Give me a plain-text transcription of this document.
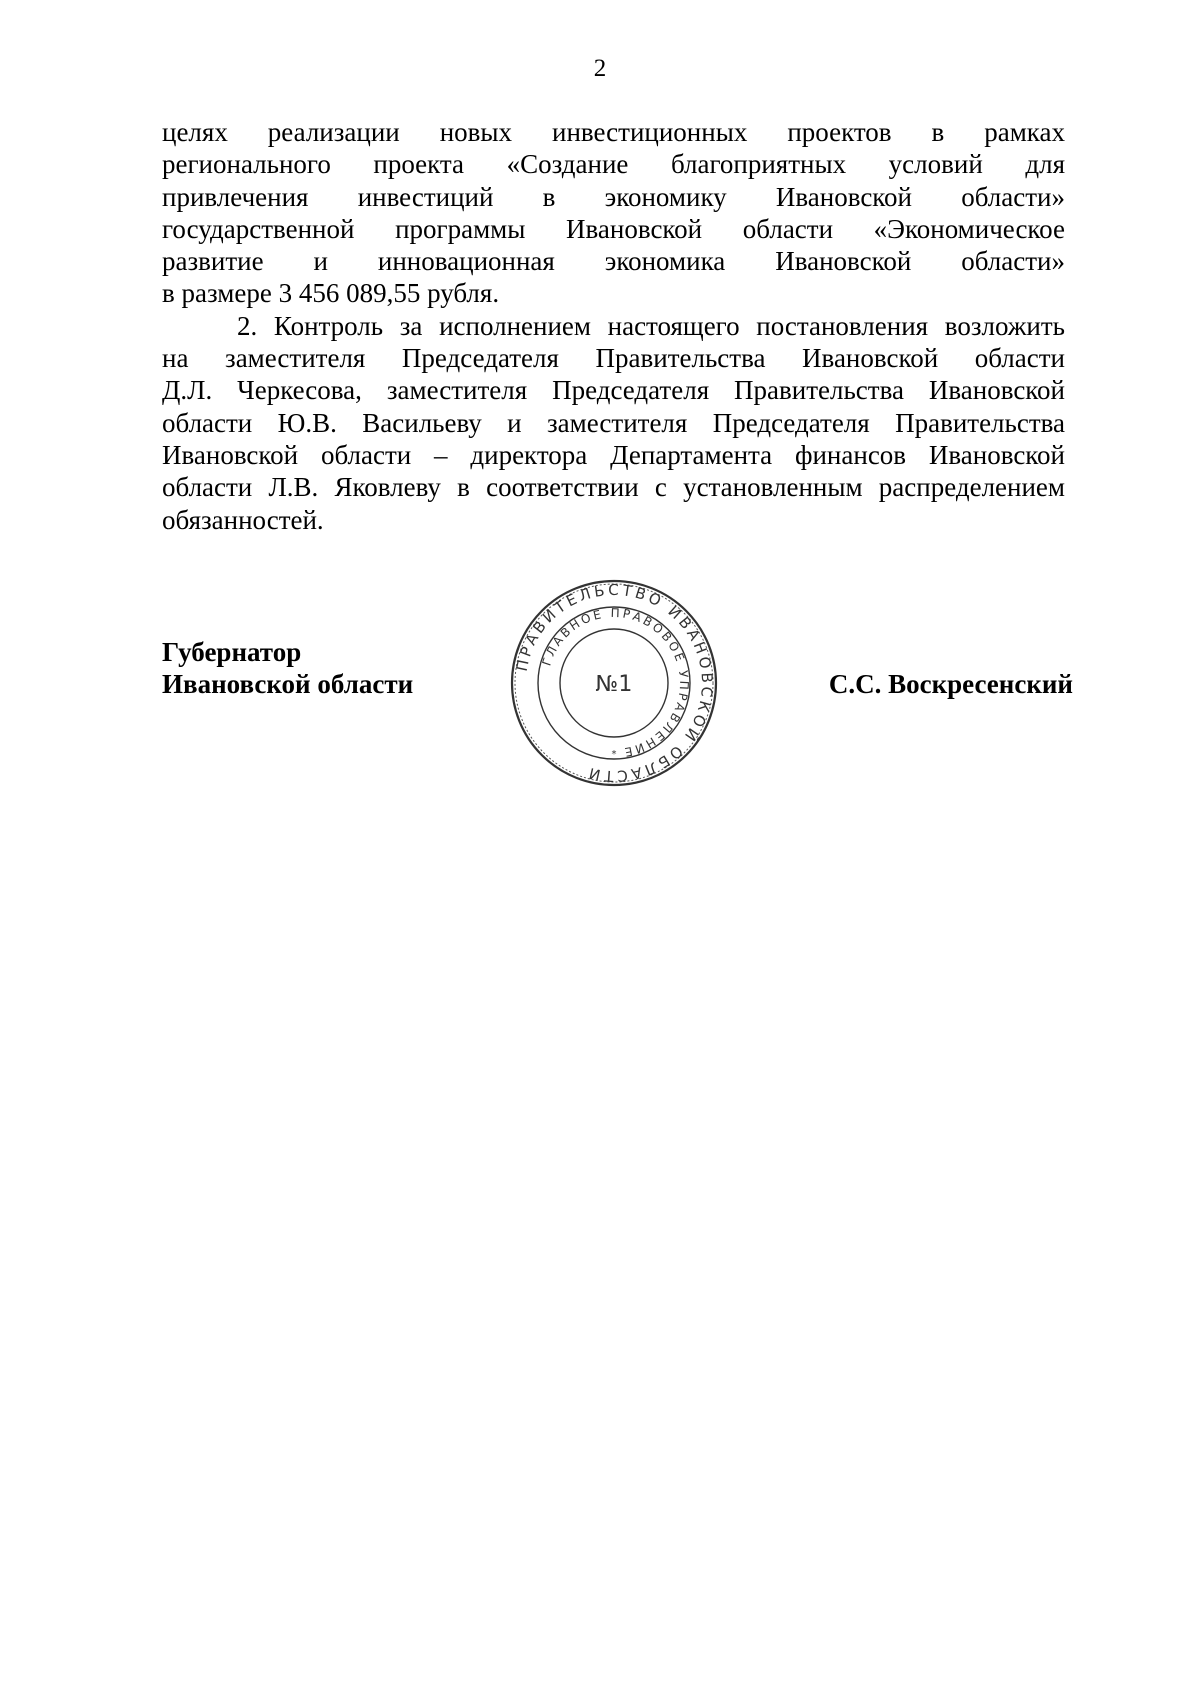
2

целях реализации новых инвестиционных проектов в рамках
регионального проекта «Создание благоприятных условий для
привлечения инвестиций в экономику Ивановской области»
государственной программы Ивановской области «Экономическое
развитие и инновационная экономика Ивановской области»
в размере 3 456 089,55 рубля.

2. Контроль за исполнением настоящего постановления возложить
на заместителя Председателя Правительства Ивановской области
Д.Л. Черкесова, заместителя Председателя Правительства Ивановской
области Ю.В. Васильеву и заместителя Председателя Правительства
Ивановской области – директора Департамента финансов Ивановской
области Л.В. Яковлеву в соответствии с установленным распределением
обязанностей.

Губернатор
Ивановской области	С.С. Воскресенский
ПРАВИТЕЛЬСТВО ИВАНОВСКОЙ ОБЛАСТИ
ГЛАВНОЕ ПРАВОВОЕ УПРАВЛЕНИЕ
№1
*
